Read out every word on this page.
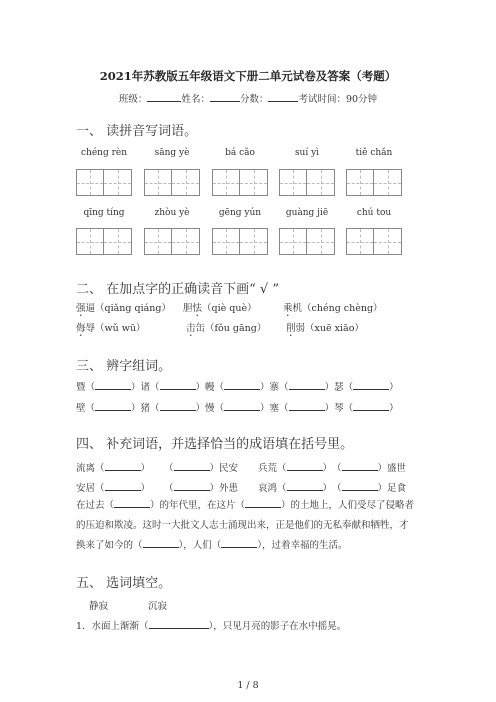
2021年苏教版五年级语文下册二单元试卷及答案（考题）
班级：	姓名：	分数：	考试时间：90分钟
一、 读拼音写词语。
chéng rèn	sāng yè	bá cǎo	suí yì	tiě chǎn
qīng tíng	zhòu yè	gēng yún	guàng jiē	chú tou
二、 在加点字的正确读音下画“ √ ”
强逼（qiǎng qiáng） 胆怯（qiè què）	乘机（chéng chèng）
侮辱（wǔ wū）	击缶（fǒu gāng） 削弱（xuē xiāo）
三、 辨字组词。
暨（	）诸（	）幔（	）寨（	）瑟（	）
壁（	）猪（	）慢（	）塞（	）琴（	）
四、 补充词语，并选择恰当的成语填在括号里。
流离（	） （	）民安 兵荒（	） （	）盛世
安居（	） （	）外患 哀鸿（	） （	）足食
在过去（	）的年代里，在这片（	）的土地上，人们受尽了侵略者的压迫和欺凌。这时一大批文人志士涌现出来，正是他们的无私奉献和牺牲，才换来了如今的（	），人们（	），过着幸福的生活。
五、 选词填空。
静寂	沉寂
1．水面上渐渐（	），只见月亮的影子在水中摇晃。
1 / 8
